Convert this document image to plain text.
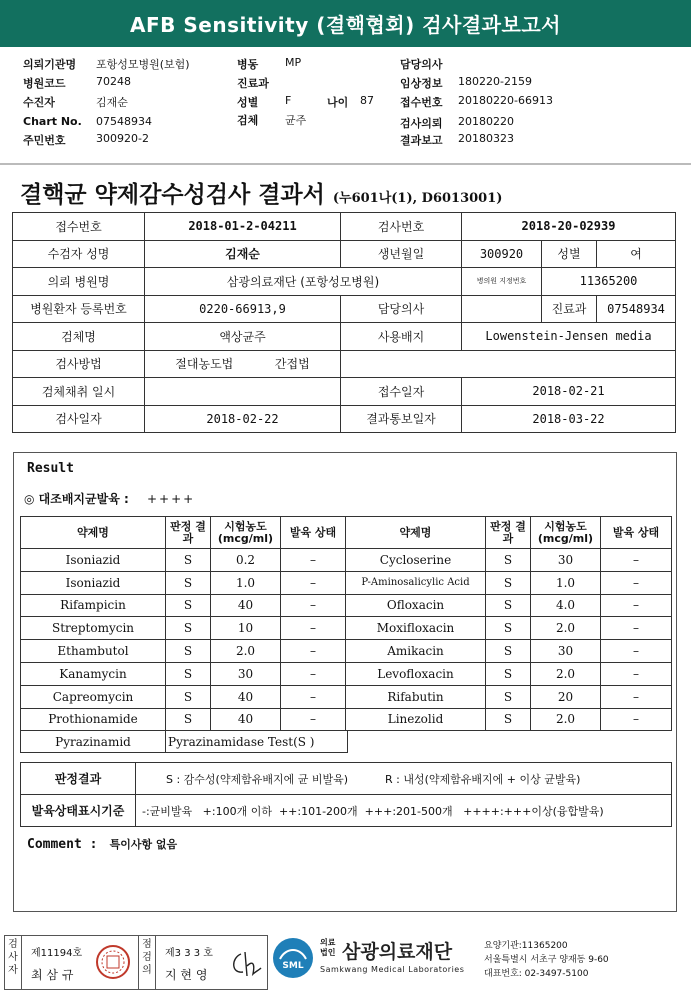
AFB Sensitivity (결핵협회) 검사결과보고서
의뢰기관명 포항성모병원(보험)
병원코드	70248
수진자	김재순
Chart No. 07548934
주민번호	300920-2
병동 MP
진료과
성별 F
검체 균주
나이 87
담당의사
임상정보 180220-2159
접수번호 20180220-66913
검사의뢰 20180220
결과보고 20180323
결핵균 약제감수성검사 결과서 (누601나(1), D6013001)
접수번호	2018-01-2-04211	검사번호	2018-20-02939		
수검자 성명	김재순	생년월일	300920	성별	여
의뢰 병원명	삼광의료재단 (포항성모병원)		병의원 지정번호	11365200	
병원환자 등록번호	0220-66913,9	담당의사		진료과	07548934
검체명	액상균주	사용배지	Lowenstein-Jensen media		
검사방법	절대농도법 간접법				
검체채취 일시		접수일자	2018-02-21		
검사일자	2018-02-22	결과통보일자	2018-03-22		
Result
◎ 대조배지균발육 : ++++
약제명	판정 결과	시험농도 (mcg/ml)	발육 상태	약제명	판정 결과	시험농도 (mcg/ml)	발육 상태
Isoniazid	S	0.2	–	Cycloserine	S	30	–
Isoniazid	S	1.0	–	P-Aminosalicylic Acid	S	1.0	–
Rifampicin	S	40	–	Ofloxacin	S	4.0	–
Streptomycin	S	10	–	Moxifloxacin	S	2.0	–
Ethambutol	S	2.0	–	Amikacin	S	30	–
Kanamycin	S	30	–	Levofloxacin	S	2.0	–
Capreomycin	S	40	–	Rifabutin	S	20	–
Prothionamide	S	40	–	Linezolid	S	2.0	–
Pyrazinamid	Pyrazinamidase Test(S )
판정결과	S : 감수성(약제함유배지에 균 비발육) R : 내성(약제함유배지에 + 이상 균발육)
발육상태표시기준	-:균비발육   +:100개 이하  ++:101-200개  +++:201-500개   ++++:+++이상(융합발육)
Comment : 특이사항 없음
검
사
자
제11194호
최 삼 규
점
검
의
제3 3 3 호
지 현 영
SML
의료 법인 삼광의료재단
Samkwang Medical Laboratories
요양기관:11365200
서울특별시 서초구 양재동 9-60
대표번호: 02-3497-5100
